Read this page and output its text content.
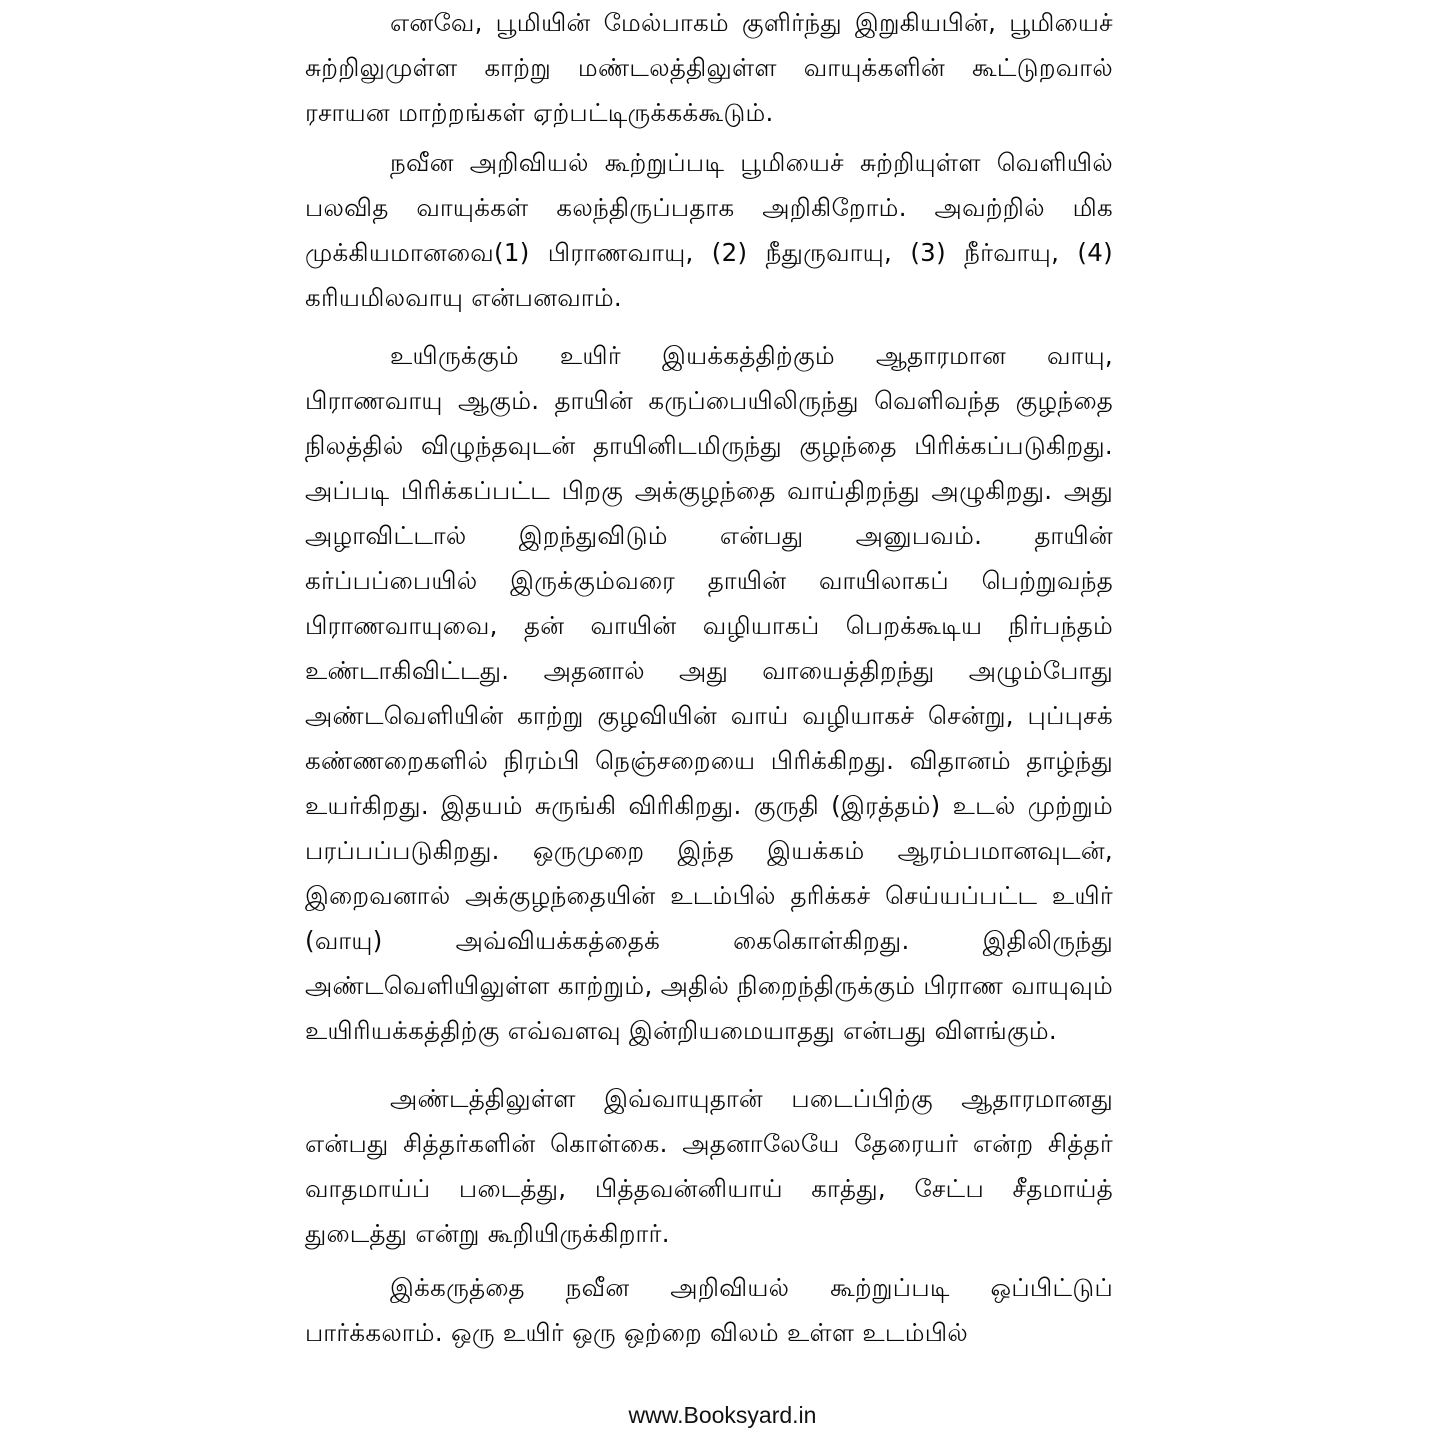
எனவே, பூமியின் மேல்பாகம் குளிர்ந்து இறுகியபின், பூமியைச் சுற்றிலுமுள்ள காற்று மண்டலத்திலுள்ள வாயுக்களின் கூட்டுறவால் ரசாயன மாற்றங்கள் ஏற்பட்டிருக்கக்கூடும்.

நவீன அறிவியல் கூற்றுப்படி பூமியைச் சுற்றியுள்ள வெளியில் பலவித வாயுக்கள் கலந்திருப்பதாக அறிகிறோம். அவற்றில் மிக முக்கியமானவை(1) பிராணவாயு, (2) நீதுருவாயு, (3) நீர்வாயு, (4) கரியமிலவாயு என்பனவாம்.

உயிருக்கும் உயிர் இயக்கத்திற்கும் ஆதாரமான வாயு, பிராணவாயு ஆகும். தாயின் கருப்பையிலிருந்து வெளிவந்த குழந்தை நிலத்தில் விழுந்தவுடன் தாயினிடமிருந்து குழந்தை பிரிக்கப்படுகிறது. அப்படி பிரிக்கப்பட்ட பிறகு அக்குழந்தை வாய்திறந்து அழுகிறது. அது அழாவிட்டால் இறந்துவிடும் என்பது அனுபவம். தாயின் கர்ப்பப்பையில் இருக்கும்வரை தாயின் வாயிலாகப் பெற்றுவந்த பிராணவாயுவை, தன் வாயின் வழியாகப் பெறக்கூடிய நிர்பந்தம் உண்டாகிவிட்டது. அதனால் அது வாயைத்திறந்து அழும்போது அண்டவெளியின் காற்று குழவியின் வாய் வழியாகச் சென்று, புப்புசக் கண்ணறைகளில் நிரம்பி நெஞ்சறையை பிரிக்கிறது. விதானம் தாழ்ந்து உயர்கிறது. இதயம் சுருங்கி விரிகிறது. குருதி (இரத்தம்) உடல் முற்றும் பரப்பப்படுகிறது. ஒருமுறை இந்த இயக்கம் ஆரம்பமானவுடன், இறைவனால் அக்குழந்தையின் உடம்பில் தரிக்கச் செய்யப்பட்ட உயிர் (வாயு) அவ்வியக்கத்தைக் கைகொள்கிறது. இதிலிருந்து அண்டவெளியிலுள்ள காற்றும், அதில் நிறைந்திருக்கும் பிராண வாயுவும் உயிரியக்கத்திற்கு எவ்வளவு இன்றியமையாதது என்பது விளங்கும்.

அண்டத்திலுள்ள இவ்வாயுதான் படைப்பிற்கு ஆதாரமானது என்பது சித்தர்களின் கொள்கை. அதனாலேயே தேரையர் என்ற சித்தர் வாதமாய்ப் படைத்து, பித்தவன்னியாய் காத்து, சேட்ப சீதமாய்த் துடைத்து என்று கூறியிருக்கிறார்.

இக்கருத்தை நவீன அறிவியல் கூற்றுப்படி ஒப்பிட்டுப் பார்க்கலாம். ஒரு உயிர் ஒரு ஒற்றை விலம் உள்ள உடம்பில்

www.Booksyard.in
